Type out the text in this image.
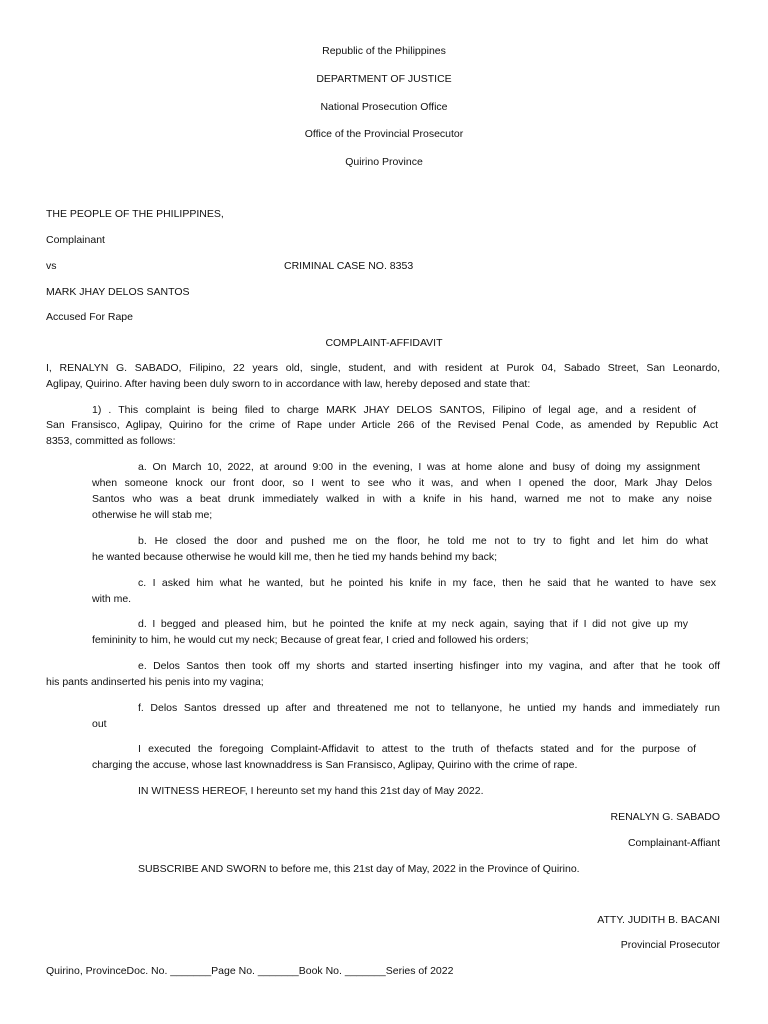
Republic of the Philippines
DEPARTMENT OF JUSTICE
National Prosecution Office
Office of the Provincial Prosecutor
Quirino Province
THE PEOPLE OF THE PHILIPPINES,
Complainant
vs	CRIMINAL CASE NO. 8353
MARK JHAY DELOS SANTOS
Accused For Rape
COMPLAINT-AFFIDAVIT
I, RENALYN G. SABADO, Filipino, 22 years old, single, student, and with resident at Purok 04, Sabado Street, San Leonardo,
Aglipay, Quirino. After having been duly sworn to in accordance with law, hereby deposed and state that:
1) . This complaint is being filed to charge MARK JHAY DELOS SANTOS, Filipino of legal age, and a resident of
San Fransisco, Aglipay, Quirino for the crime of Rape under Article 266 of the Revised Penal Code, as amended by Republic Act
8353, committed as follows:
a. On March 10, 2022, at around 9:00 in the evening, I was at home alone and busy of doing my assignment
when someone knock our front door, so I went to see who it was, and when I opened the door, Mark Jhay Delos
Santos who was a beat drunk immediately walked in with a knife in his hand, warned me not to make any noise
otherwise he will stab me;
b. He closed the door and pushed me on the floor, he told me not to try to fight and let him do what
he wanted because otherwise he would kill me, then he tied my hands behind my back;
c. I asked him what he wanted, but he pointed his knife in my face, then he said that he wanted to have sex
with me.
d. I begged and pleased him, but he pointed the knife at my neck again, saying that if I did not give up my
femininity to him, he would cut my neck; Because of great fear, I cried and followed his orders;
e. Delos Santos then took off my shorts and started inserting hisfinger into my vagina, and after that he took off
his pants andinserted his penis into my vagina;
f. Delos Santos dressed up after and threatened me not to tellanyone, he untied my hands and immediately run
out
I executed the foregoing Complaint-Affidavit to attest to the truth of thefacts stated and for the purpose of
charging the accuse, whose last knownaddress is San Fransisco, Aglipay, Quirino with the crime of rape.
IN WITNESS HEREOF, I hereunto set my hand this 21st day of May 2022.
RENALYN G. SABADO
Complainant-Affiant
SUBSCRIBE AND SWORN to before me, this 21st day of May, 2022 in the Province of Quirino.
ATTY. JUDITH B. BACANI
Provincial Prosecutor
Quirino, ProvinceDoc. No. _______Page No. _______Book No. _______Series of 2022
